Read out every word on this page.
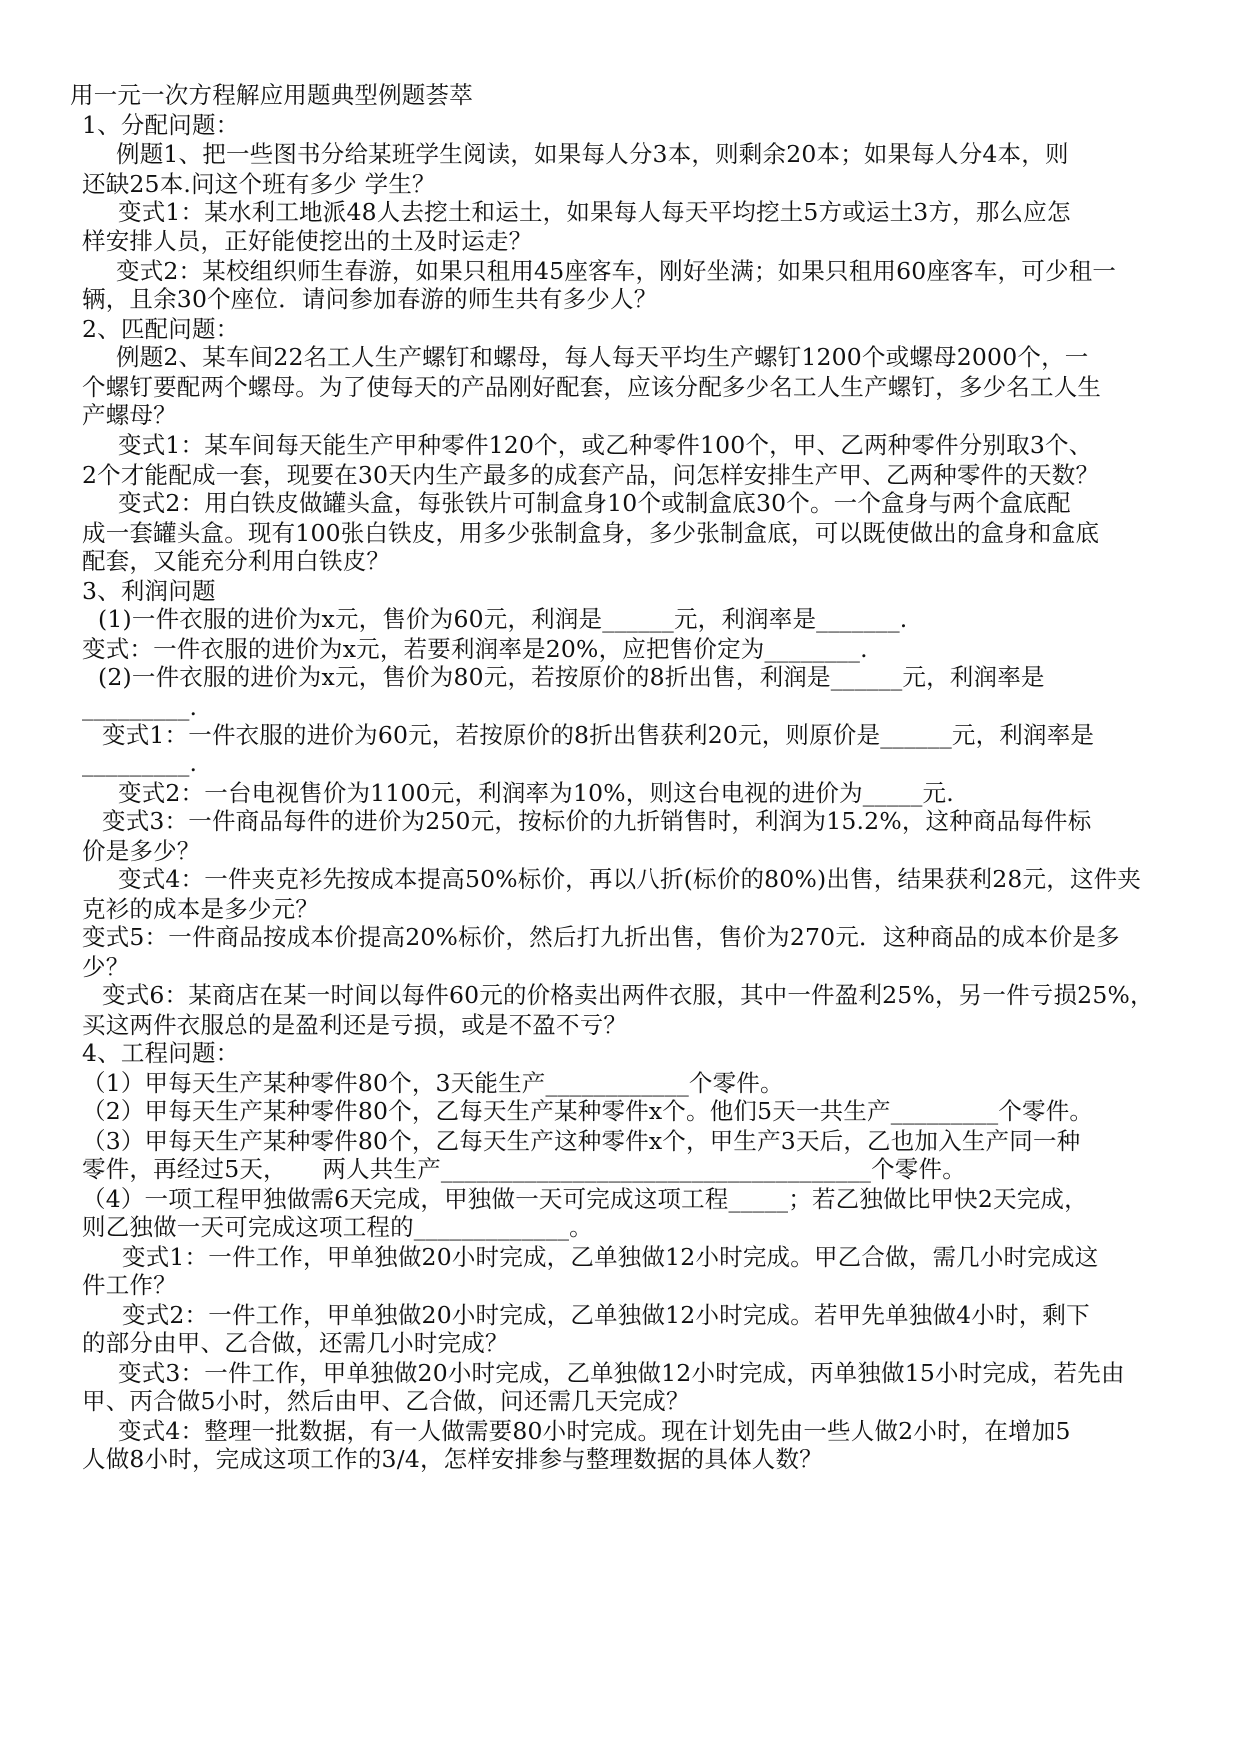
用一元一次方程解应用题典型例题荟萃
1、分配问题：
例题1、把一些图书分给某班学生阅读，如果每人分3本，则剩余20本；如果每人分4本，则
还缺25本.问这个班有多少 学生？
变式1：某水利工地派48人去挖土和运土，如果每人每天平均挖土5方或运土3方，那么应怎
样安排人员，正好能使挖出的土及时运走？
变式2：某校组织师生春游，如果只租用45座客车，刚好坐满；如果只租用60座客车，可少租一
辆，且余30个座位．请问参加春游的师生共有多少人？
2、匹配问题：
例题2、某车间22名工人生产螺钉和螺母，每人每天平均生产螺钉1200个或螺母2000个，一
个螺钉要配两个螺母。为了使每天的产品刚好配套，应该分配多少名工人生产螺钉，多少名工人生
产螺母？
变式1：某车间每天能生产甲种零件120个，或乙种零件100个，甲、乙两种零件分别取3个、
2个才能配成一套，现要在30天内生产最多的成套产品，问怎样安排生产甲、乙两种零件的天数？
变式2：用白铁皮做罐头盒，每张铁片可制盒身10个或制盒底30个。一个盒身与两个盒底配
成一套罐头盒。现有100张白铁皮，用多少张制盒身，多少张制盒底，可以既使做出的盒身和盒底
配套，又能充分利用白铁皮？
3、利润问题
(1)一件衣服的进价为x元，售价为60元，利润是______元，利润率是_______.
变式：一件衣服的进价为x元，若要利润率是20%，应把售价定为________.
(2)一件衣服的进价为x元，售价为80元，若按原价的8折出售，利润是______元，利润率是
_________.
变式1：一件衣服的进价为60元，若按原价的8折出售获利20元，则原价是______元，利润率是
_________.
变式2：一台电视售价为1100元，利润率为10%，则这台电视的进价为_____元.
变式3：一件商品每件的进价为250元，按标价的九折销售时，利润为15.2%，这种商品每件标
价是多少？
变式4：一件夹克衫先按成本提高50%标价，再以八折(标价的80%)出售，结果获利28元，这件夹
克衫的成本是多少元？
变式5：一件商品按成本价提高20%标价，然后打九折出售，售价为270元．这种商品的成本价是多
少？
变式6：某商店在某一时间以每件60元的价格卖出两件衣服，其中一件盈利25%，另一件亏损25%，
买这两件衣服总的是盈利还是亏损，或是不盈不亏？
4、工程问题：
（1）甲每天生产某种零件80个，3天能生产____________个零件。
（2）甲每天生产某种零件80个，乙每天生产某种零件x个。他们5天一共生产_________个零件。
（3）甲每天生产某种零件80个，乙每天生产这种零件x个，甲生产3天后，乙也加入生产同一种
零件，再经过5天，　　两人共生产____________________________________个零件。
（4）一项工程甲独做需6天完成，甲独做一天可完成这项工程_____；若乙独做比甲快2天完成，
则乙独做一天可完成这项工程的_____________。
变式1：一件工作，甲单独做20小时完成，乙单独做12小时完成。甲乙合做，需几小时完成这
件工作？
变式2：一件工作，甲单独做20小时完成，乙单独做12小时完成。若甲先单独做4小时，剩下
的部分由甲、乙合做，还需几小时完成？
变式3：一件工作，甲单独做20小时完成，乙单独做12小时完成，丙单独做15小时完成，若先由
甲、丙合做5小时，然后由甲、乙合做，问还需几天完成？
变式4：整理一批数据，有一人做需要80小时完成。现在计划先由一些人做2小时，在增加5
人做8小时，完成这项工作的3/4，怎样安排参与整理数据的具体人数？
